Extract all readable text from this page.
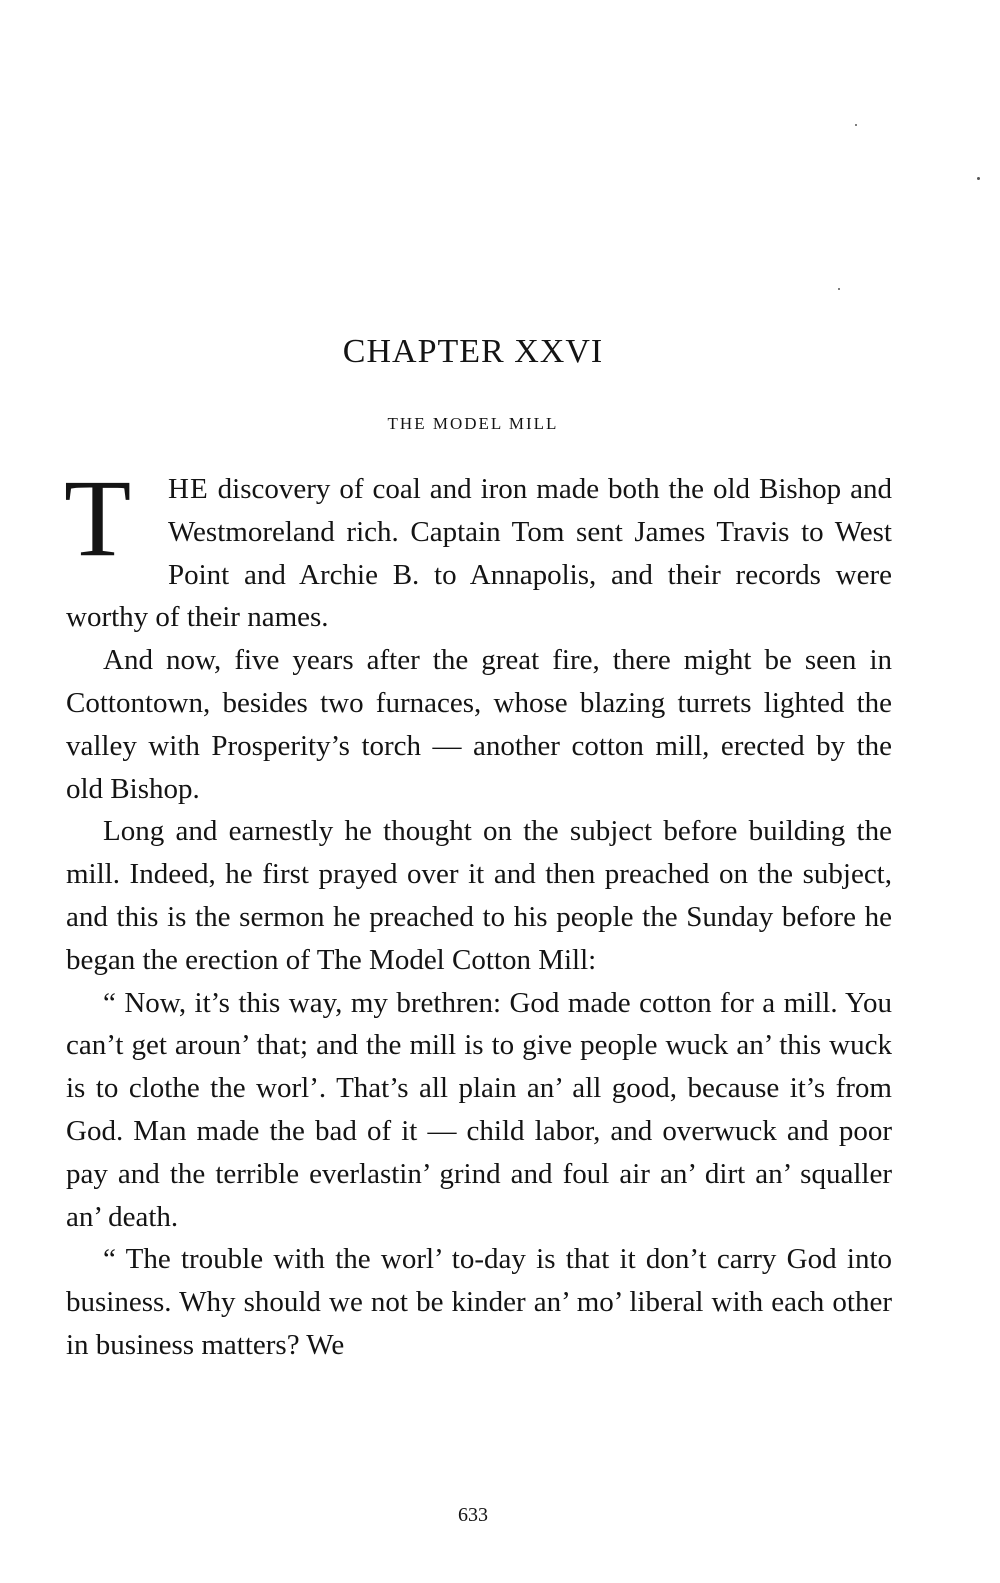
CHAPTER XXVI
THE MODEL MILL

T	HE discovery of coal and iron made both the old Bishop and Westmoreland rich. Captain Tom sent James Travis to West Point and Archie B. to Annapolis, and their records were worthy of their names.

And now, five years after the great fire, there might be seen in Cottontown, besides two furnaces, whose blazing turrets lighted the valley with Prosperity’s torch — another cotton mill, erected by the old Bishop.

Long and earnestly he thought on the subject before building the mill. Indeed, he first prayed over it and then preached on the subject, and this is the sermon he preached to his people the Sunday before he began the erection of The Model Cotton Mill:

“ Now, it’s this way, my brethren: God made cotton for a mill. You can’t get aroun’ that; and the mill is to give people wuck an’ this wuck is to clothe the worl’. That’s all plain an’ all good, because it’s from God. Man made the bad of it — child labor, and overwuck and poor pay and the terrible everlastin’ grind and foul air an’ dirt an’ squaller an’ death.

“ The trouble with the worl’ to-day is that it don’t carry God into business. Why should we not be kinder an’ mo’ liberal with each other in business matters? We

633
